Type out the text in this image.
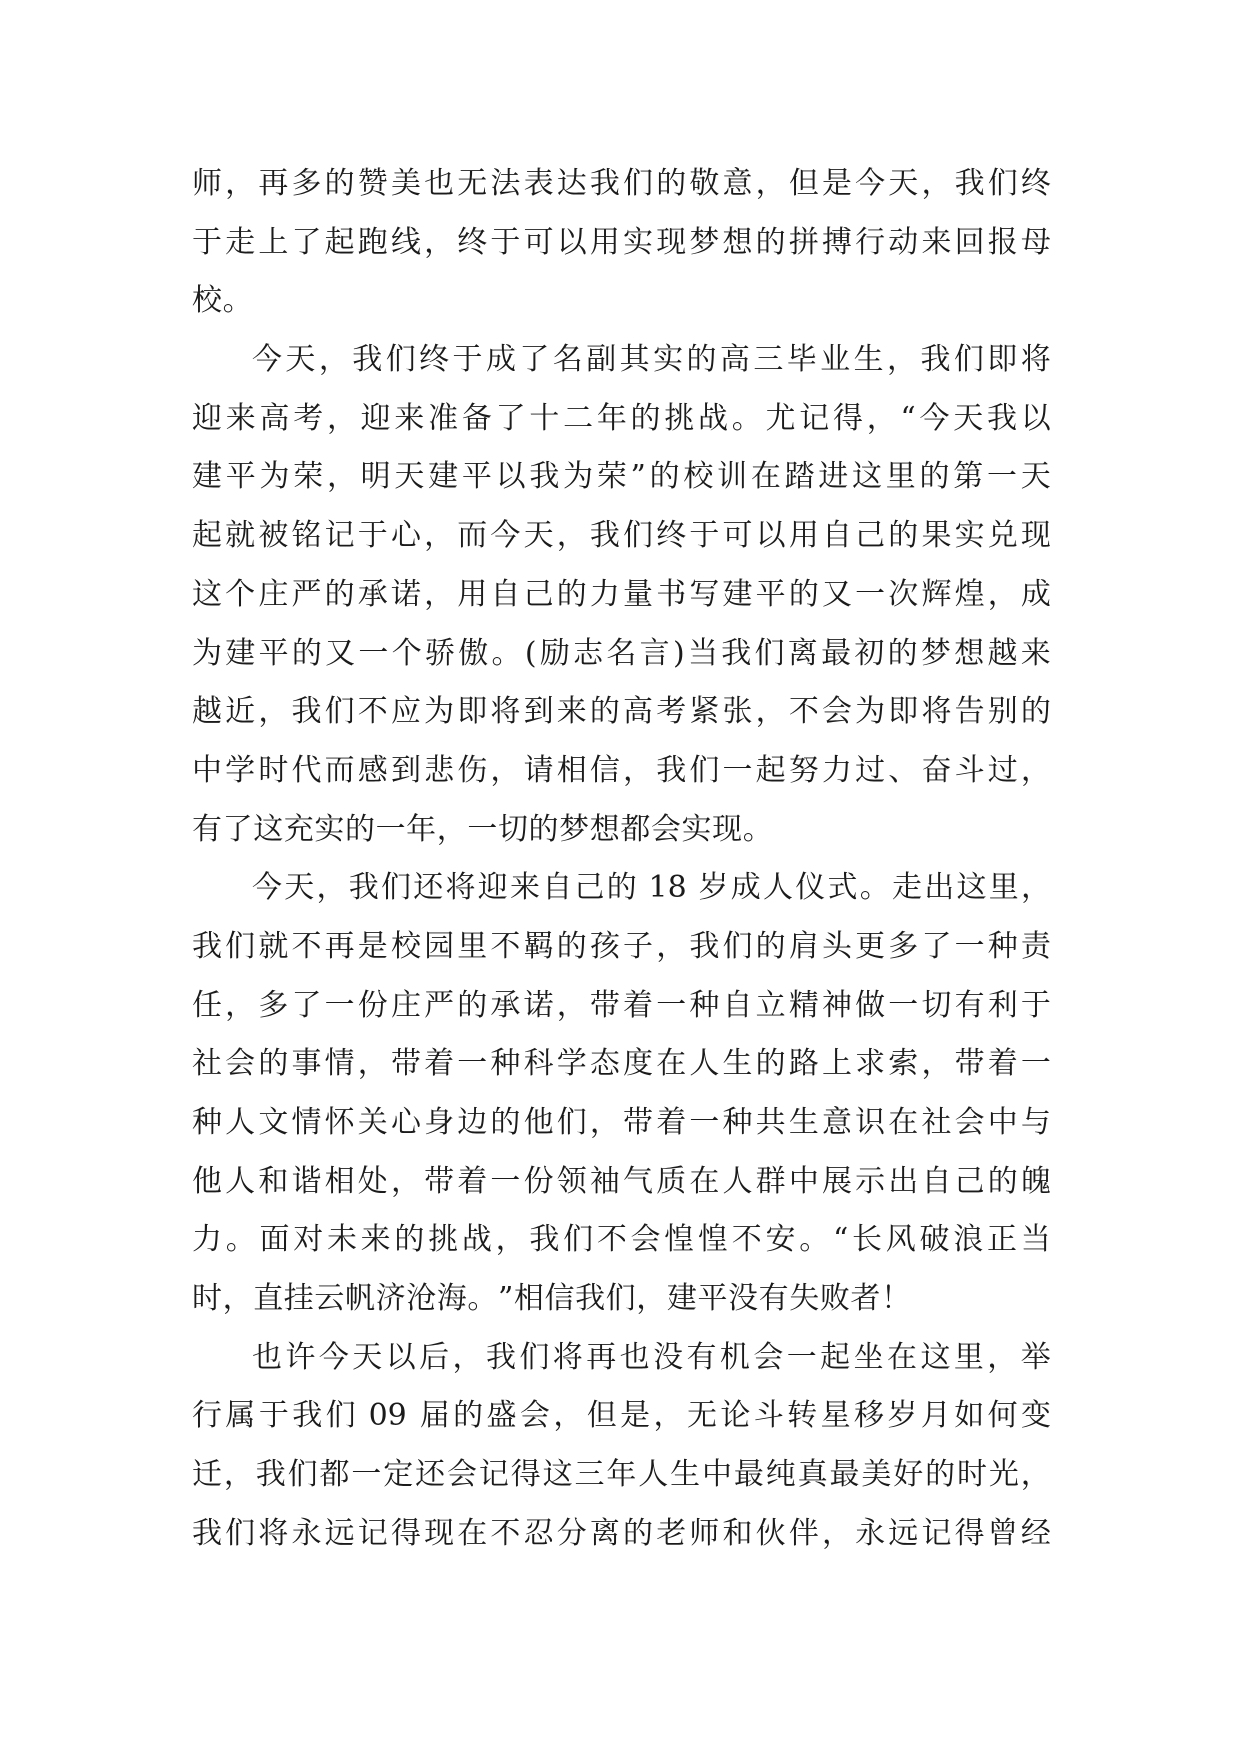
师 ， 再 多 的 赞 美 也 无 法 表 达 我 们 的 敬 意 ， 但 是 今 天 ， 我 们 终
于 走 上 了 起 跑 线 ， 终 于 可 以 用 实 现 梦 想 的 拼 搏 行 动 来 回 报 母
校 。
今 天 ， 我 们 终 于 成 了 名 副 其 实 的 高 三 毕 业 生 ， 我 们 即 将
迎 来 高 考 ， 迎 来 准 备 了 十 二 年 的 挑 战 。 尤 记 得 ， “ 今 天 我 以
建 平 为 荣 ， 明 天 建 平 以 我 为 荣 ” 的 校 训 在 踏 进 这 里 的 第 一 天
起 就 被 铭 记 于 心 ， 而 今 天 ， 我 们 终 于 可 以 用 自 己 的 果 实 兑 现
这 个 庄 严 的 承 诺 ， 用 自 己 的 力 量 书 写 建 平 的 又 一 次 辉 煌 ， 成
为 建 平 的 又 一 个 骄 傲 。 ( 励 志 名 言 ) 当 我 们 离 最 初 的 梦 想 越 来
越 近 ， 我 们 不 应 为 即 将 到 来 的 高 考 紧 张 ， 不 会 为 即 将 告 别 的
中 学 时 代 而 感 到 悲 伤 ， 请 相 信 ， 我 们 一 起 努 力 过 、 奋 斗 过 ，
有 了 这 充 实 的 一 年 ， 一 切 的 梦 想 都 会 实 现 。
今 天 ， 我 们 还 将 迎 来 自 己 的 18 岁 成 人 仪 式 。 走 出 这 里 ，
我 们 就 不 再 是 校 园 里 不 羁 的 孩 子 ， 我 们 的 肩 头 更 多 了 一 种 责
任 ， 多 了 一 份 庄 严 的 承 诺 ， 带 着 一 种 自 立 精 神 做 一 切 有 利 于
社 会 的 事 情 ， 带 着 一 种 科 学 态 度 在 人 生 的 路 上 求 索 ， 带 着 一
种 人 文 情 怀 关 心 身 边 的 他 们 ， 带 着 一 种 共 生 意 识 在 社 会 中 与
他 人 和 谐 相 处 ， 带 着 一 份 领 袖 气 质 在 人 群 中 展 示 出 自 己 的 魄
力 。 面 对 未 来 的 挑 战 ， 我 们 不 会 惶 惶 不 安 。 “ 长 风 破 浪 正 当
时 ， 直 挂 云 帆 济 沧 海 。 ” 相 信 我 们 ， 建 平 没 有 失 败 者 ！
也 许 今 天 以 后 ， 我 们 将 再 也 没 有 机 会 一 起 坐 在 这 里 ， 举
行 属 于 我 们 09 届 的 盛 会 ， 但 是 ， 无 论 斗 转 星 移 岁 月 如 何 变
迁 ， 我 们 都 一 定 还 会 记 得 这 三 年 人 生 中 最 纯 真 最 美 好 的 时 光 ，
我 们 将 永 远 记 得 现 在 不 忍 分 离 的 老 师 和 伙 伴 ， 永 远 记 得 曾 经
